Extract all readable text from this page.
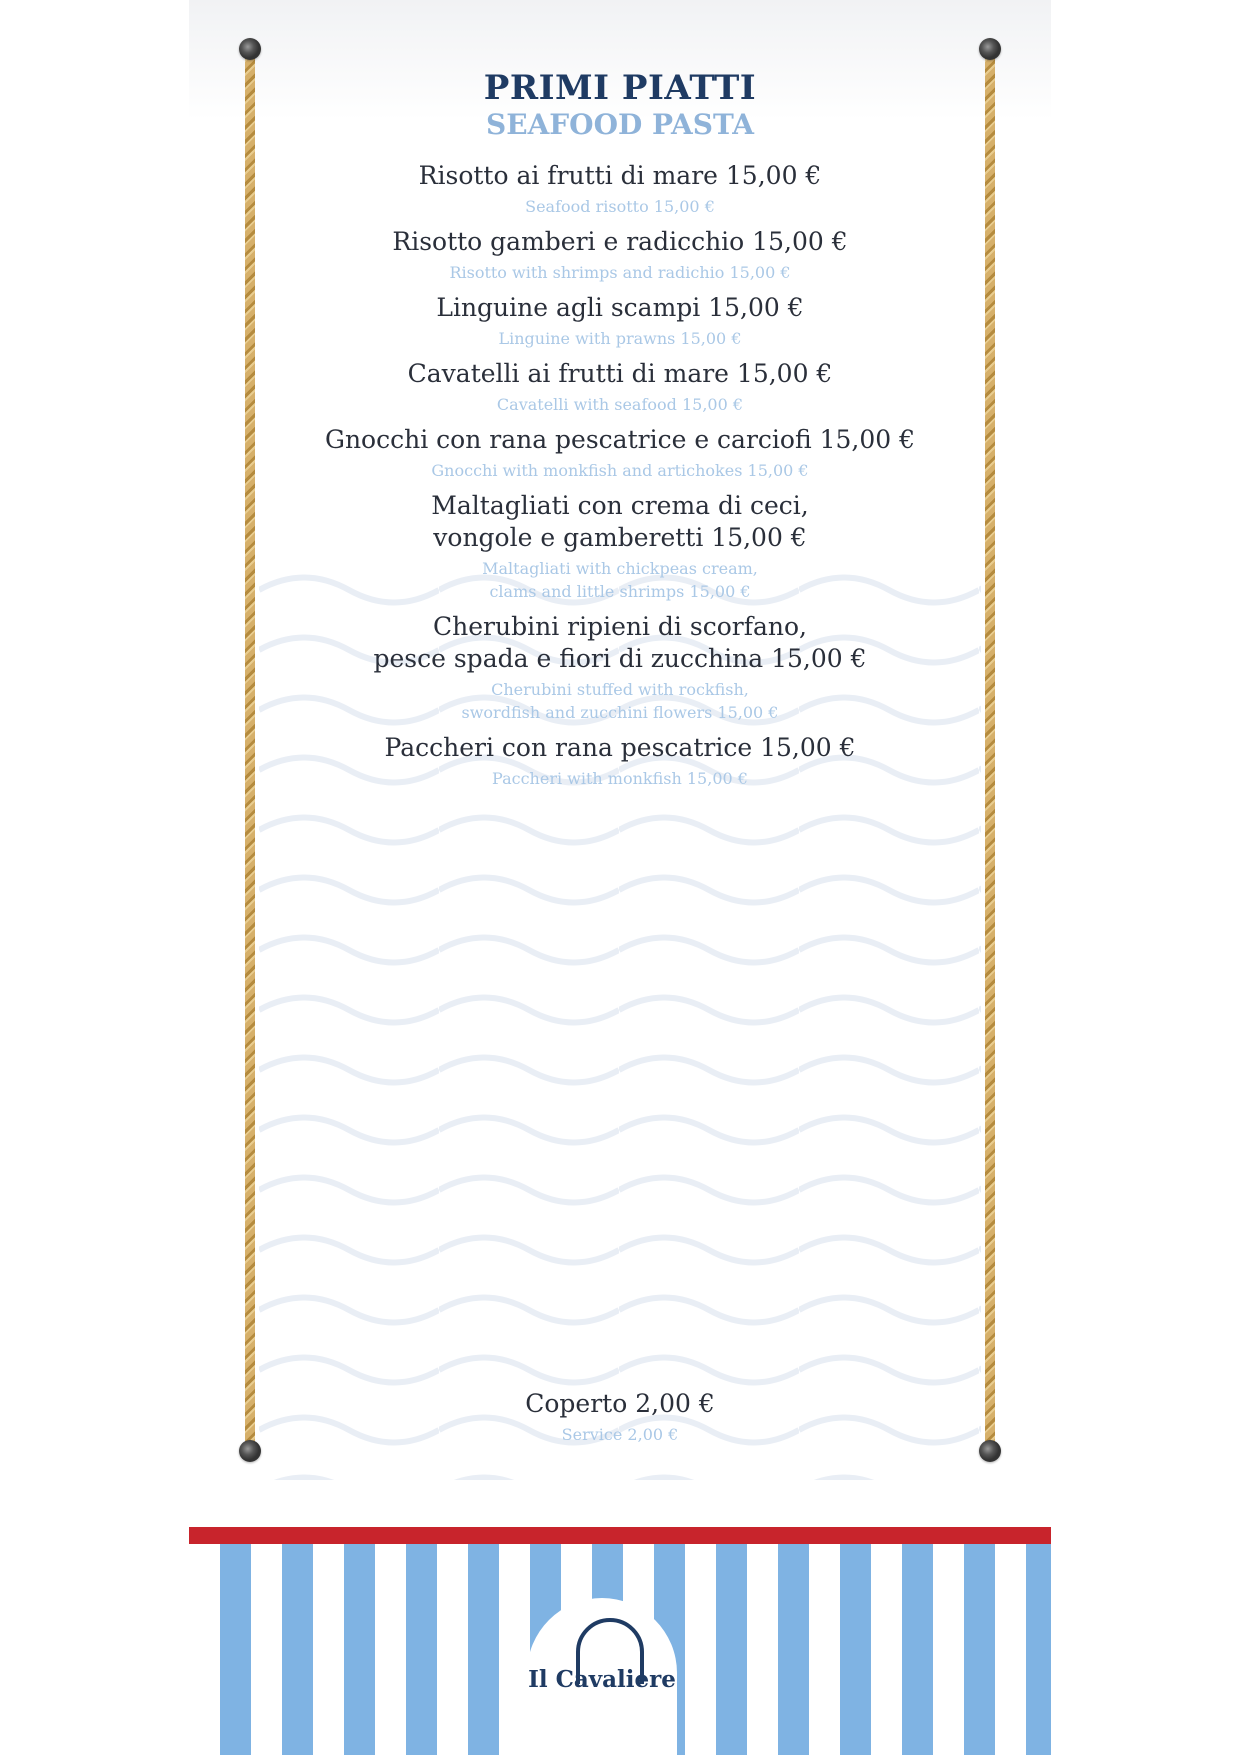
PRIMI PIATTI
SEAFOOD PASTA
Risotto ai frutti di mare 15,00 €
Seafood risotto 15,00 €
Risotto gamberi e radicchio 15,00 €
Risotto with shrimps and radichio 15,00 €
Linguine agli scampi 15,00 €
Linguine with prawns 15,00 €
Cavatelli ai frutti di mare 15,00 €
Cavatelli with seafood 15,00 €
Gnocchi con rana pescatrice e carciofi 15,00 €
Gnocchi with monkfish and artichokes 15,00 €
Maltagliati con crema di ceci,
vongole e gamberetti 15,00 €
Maltagliati with chickpeas cream,
clams and little shrimps 15,00 €
Cherubini ripieni di scorfano,
pesce spada e fiori di zucchina 15,00 €
Cherubini stuffed with rockfish,
swordfish and zucchini flowers 15,00 €
Paccheri con rana pescatrice 15,00 €
Paccheri with monkfish 15,00 €
Coperto 2,00 €
Service 2,00 €
Il Cavaliere
